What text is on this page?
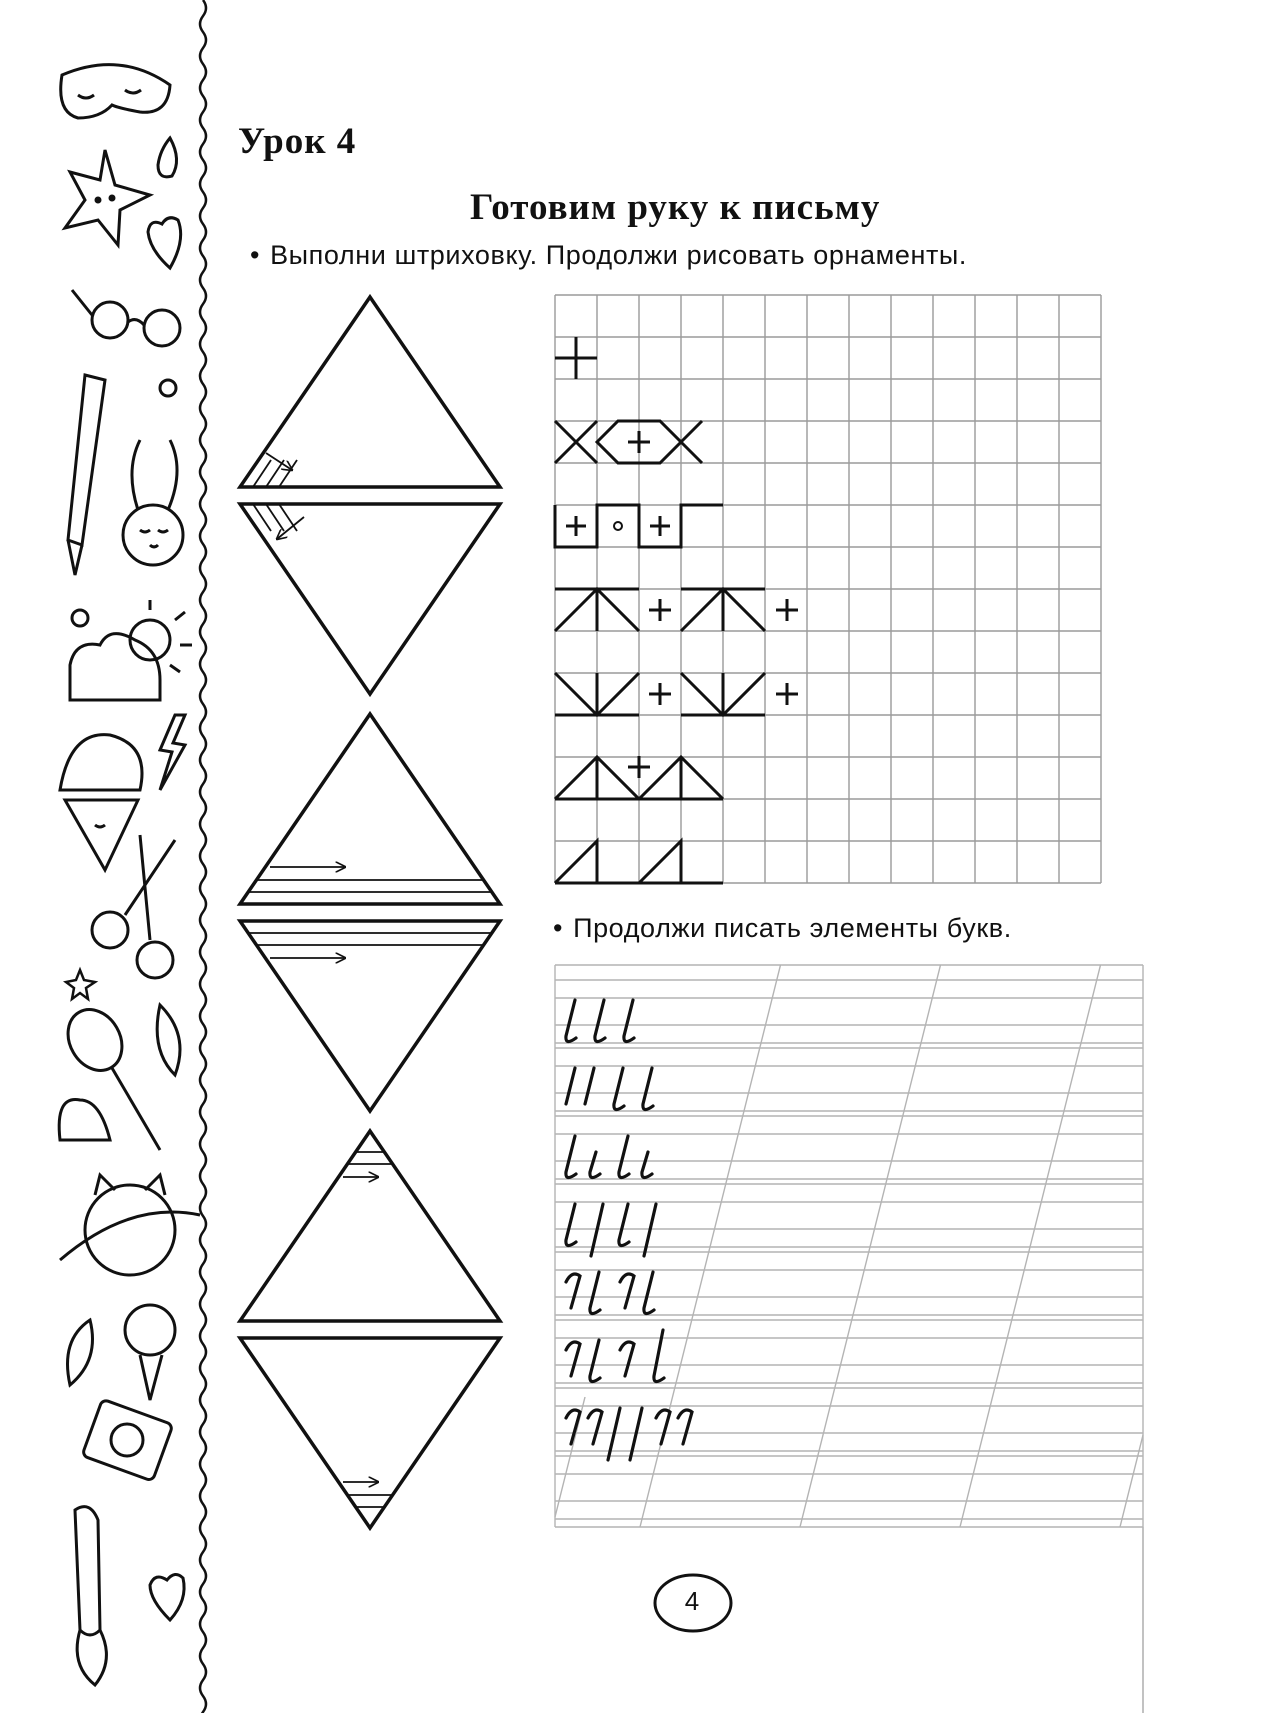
Урок 4
Готовим руку к письму
• Выполни штриховку. Продолжи рисовать орнаменты.
• Продолжи писать элементы букв.
4
